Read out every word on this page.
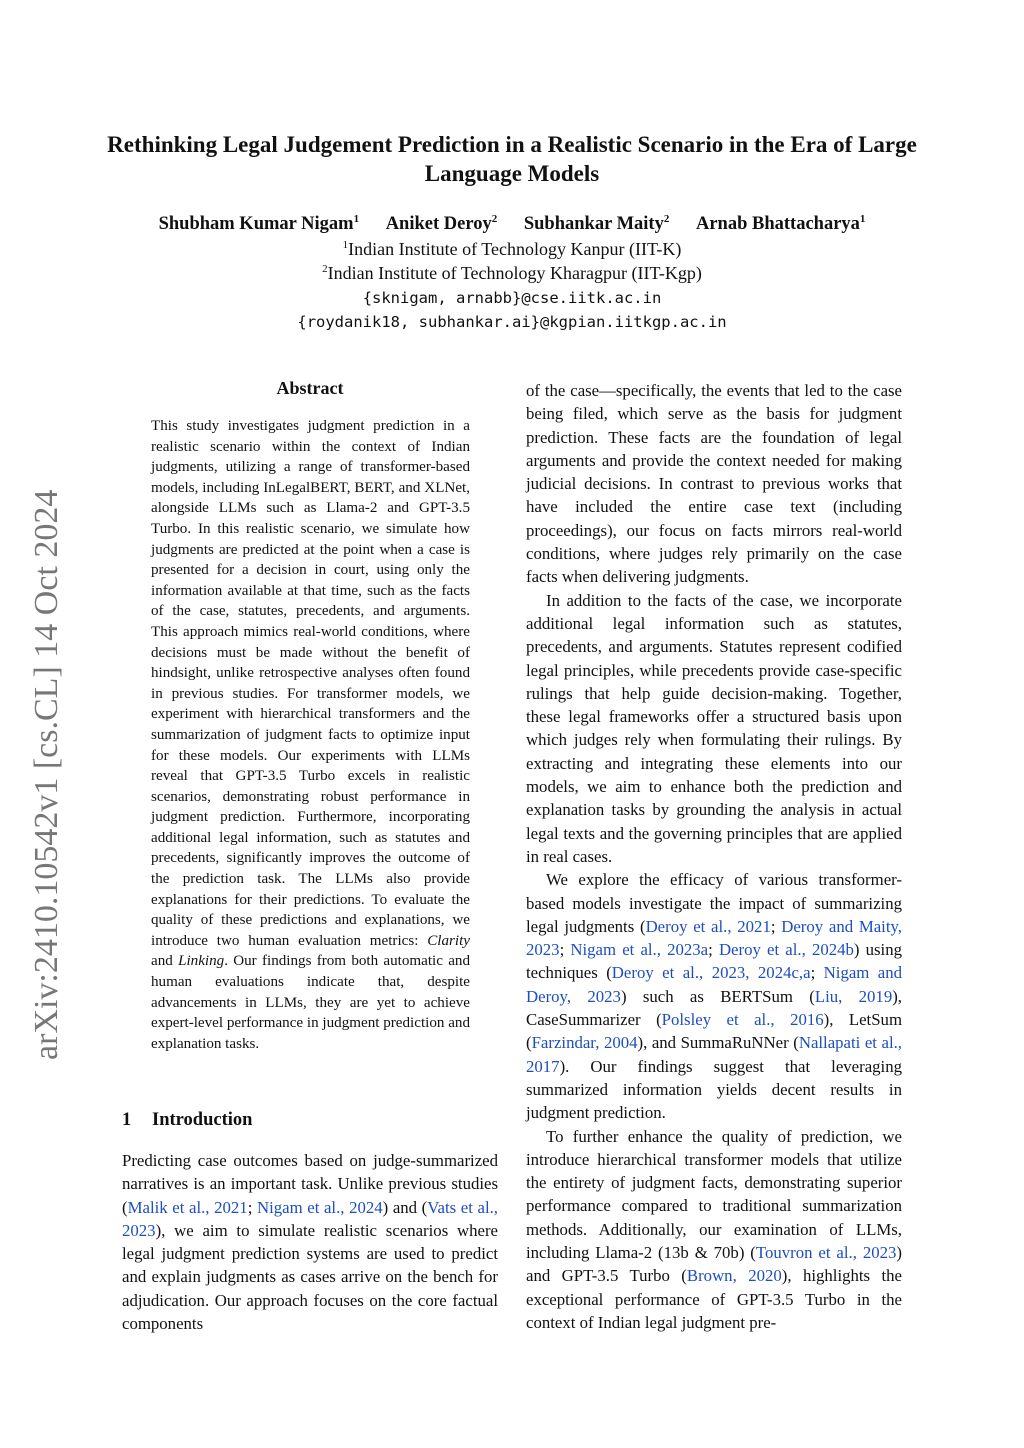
Rethinking Legal Judgement Prediction in a Realistic Scenario in the Era of Large Language Models
Shubham Kumar Nigam$^1$ Aniket Deroy$^2$ Subhankar Maity$^2$ Arnab Bhattacharya$^1$
$^1$Indian Institute of Technology Kanpur (IIT-K)
$^2$Indian Institute of Technology Kharagpur (IIT-Kgp)
{sknigam, arnabb}@cse.iitk.ac.in
{roydanik18, subhankar.ai}@kgpian.iitkgp.ac.in
arXiv:2410.10542v1 [cs.CL] 14 Oct 2024
Abstract
This study investigates judgment prediction in a realistic scenario within the context of Indian judgments, utilizing a range of transformer-based models, including InLegalBERT, BERT, and XLNet, alongside LLMs such as Llama-2 and GPT-3.5 Turbo. In this realistic scenario, we simulate how judgments are predicted at the point when a case is presented for a decision in court, using only the information available at that time, such as the facts of the case, statutes, precedents, and arguments. This approach mimics real-world conditions, where decisions must be made without the benefit of hindsight, unlike retrospective analyses often found in previous studies. For transformer models, we experiment with hierarchical transformers and the summarization of judgment facts to optimize input for these models. Our experiments with LLMs reveal that GPT-3.5 Turbo excels in realistic scenarios, demonstrating robust performance in judgment prediction. Furthermore, incorporating additional legal information, such as statutes and precedents, significantly improves the outcome of the prediction task. The LLMs also provide explanations for their predictions. To evaluate the quality of these predictions and explanations, we introduce two human evaluation metrics: Clarity and Linking. Our findings from both automatic and human evaluations indicate that, despite advancements in LLMs, they are yet to achieve expert-level performance in judgment prediction and explanation tasks.
1 Introduction

Predicting case outcomes based on judge-summarized narratives is an important task. Unlike previous studies (Malik et al., 2021; Nigam et al., 2024) and (Vats et al., 2023), we aim to simulate realistic scenarios where legal judgment prediction systems are used to predict and explain judgments as cases arrive on the bench for adjudication. Our approach focuses on the core factual components

of the case—specifically, the events that led to the case being filed, which serve as the basis for judgment prediction. These facts are the foundation of legal arguments and provide the context needed for making judicial decisions. In contrast to previous works that have included the entire case text (including proceedings), our focus on facts mirrors real-world conditions, where judges rely primarily on the case facts when delivering judgments.

In addition to the facts of the case, we incorporate additional legal information such as statutes, precedents, and arguments. Statutes represent codified legal principles, while precedents provide case-specific rulings that help guide decision-making. Together, these legal frameworks offer a structured basis upon which judges rely when formulating their rulings. By extracting and integrating these elements into our models, we aim to enhance both the prediction and explanation tasks by grounding the analysis in actual legal texts and the governing principles that are applied in real cases.

We explore the efficacy of various transformer-based models investigate the impact of summarizing legal judgments (Deroy et al., 2021; Deroy and Maity, 2023; Nigam et al., 2023a; Deroy et al., 2024b) using techniques (Deroy et al., 2023, 2024c,a; Nigam and Deroy, 2023) such as BERTSum (Liu, 2019), CaseSummarizer (Polsley et al., 2016), LetSum (Farzindar, 2004), and SummaRuNNer (Nallapati et al., 2017). Our findings suggest that leveraging summarized information yields decent results in judgment prediction.

To further enhance the quality of prediction, we introduce hierarchical transformer models that utilize the entirety of judgment facts, demonstrating superior performance compared to traditional summarization methods. Additionally, our examination of LLMs, including Llama-2 (13b & 70b) (Touvron et al., 2023) and GPT-3.5 Turbo (Brown, 2020), highlights the exceptional performance of GPT-3.5 Turbo in the context of Indian legal judgment pre-
